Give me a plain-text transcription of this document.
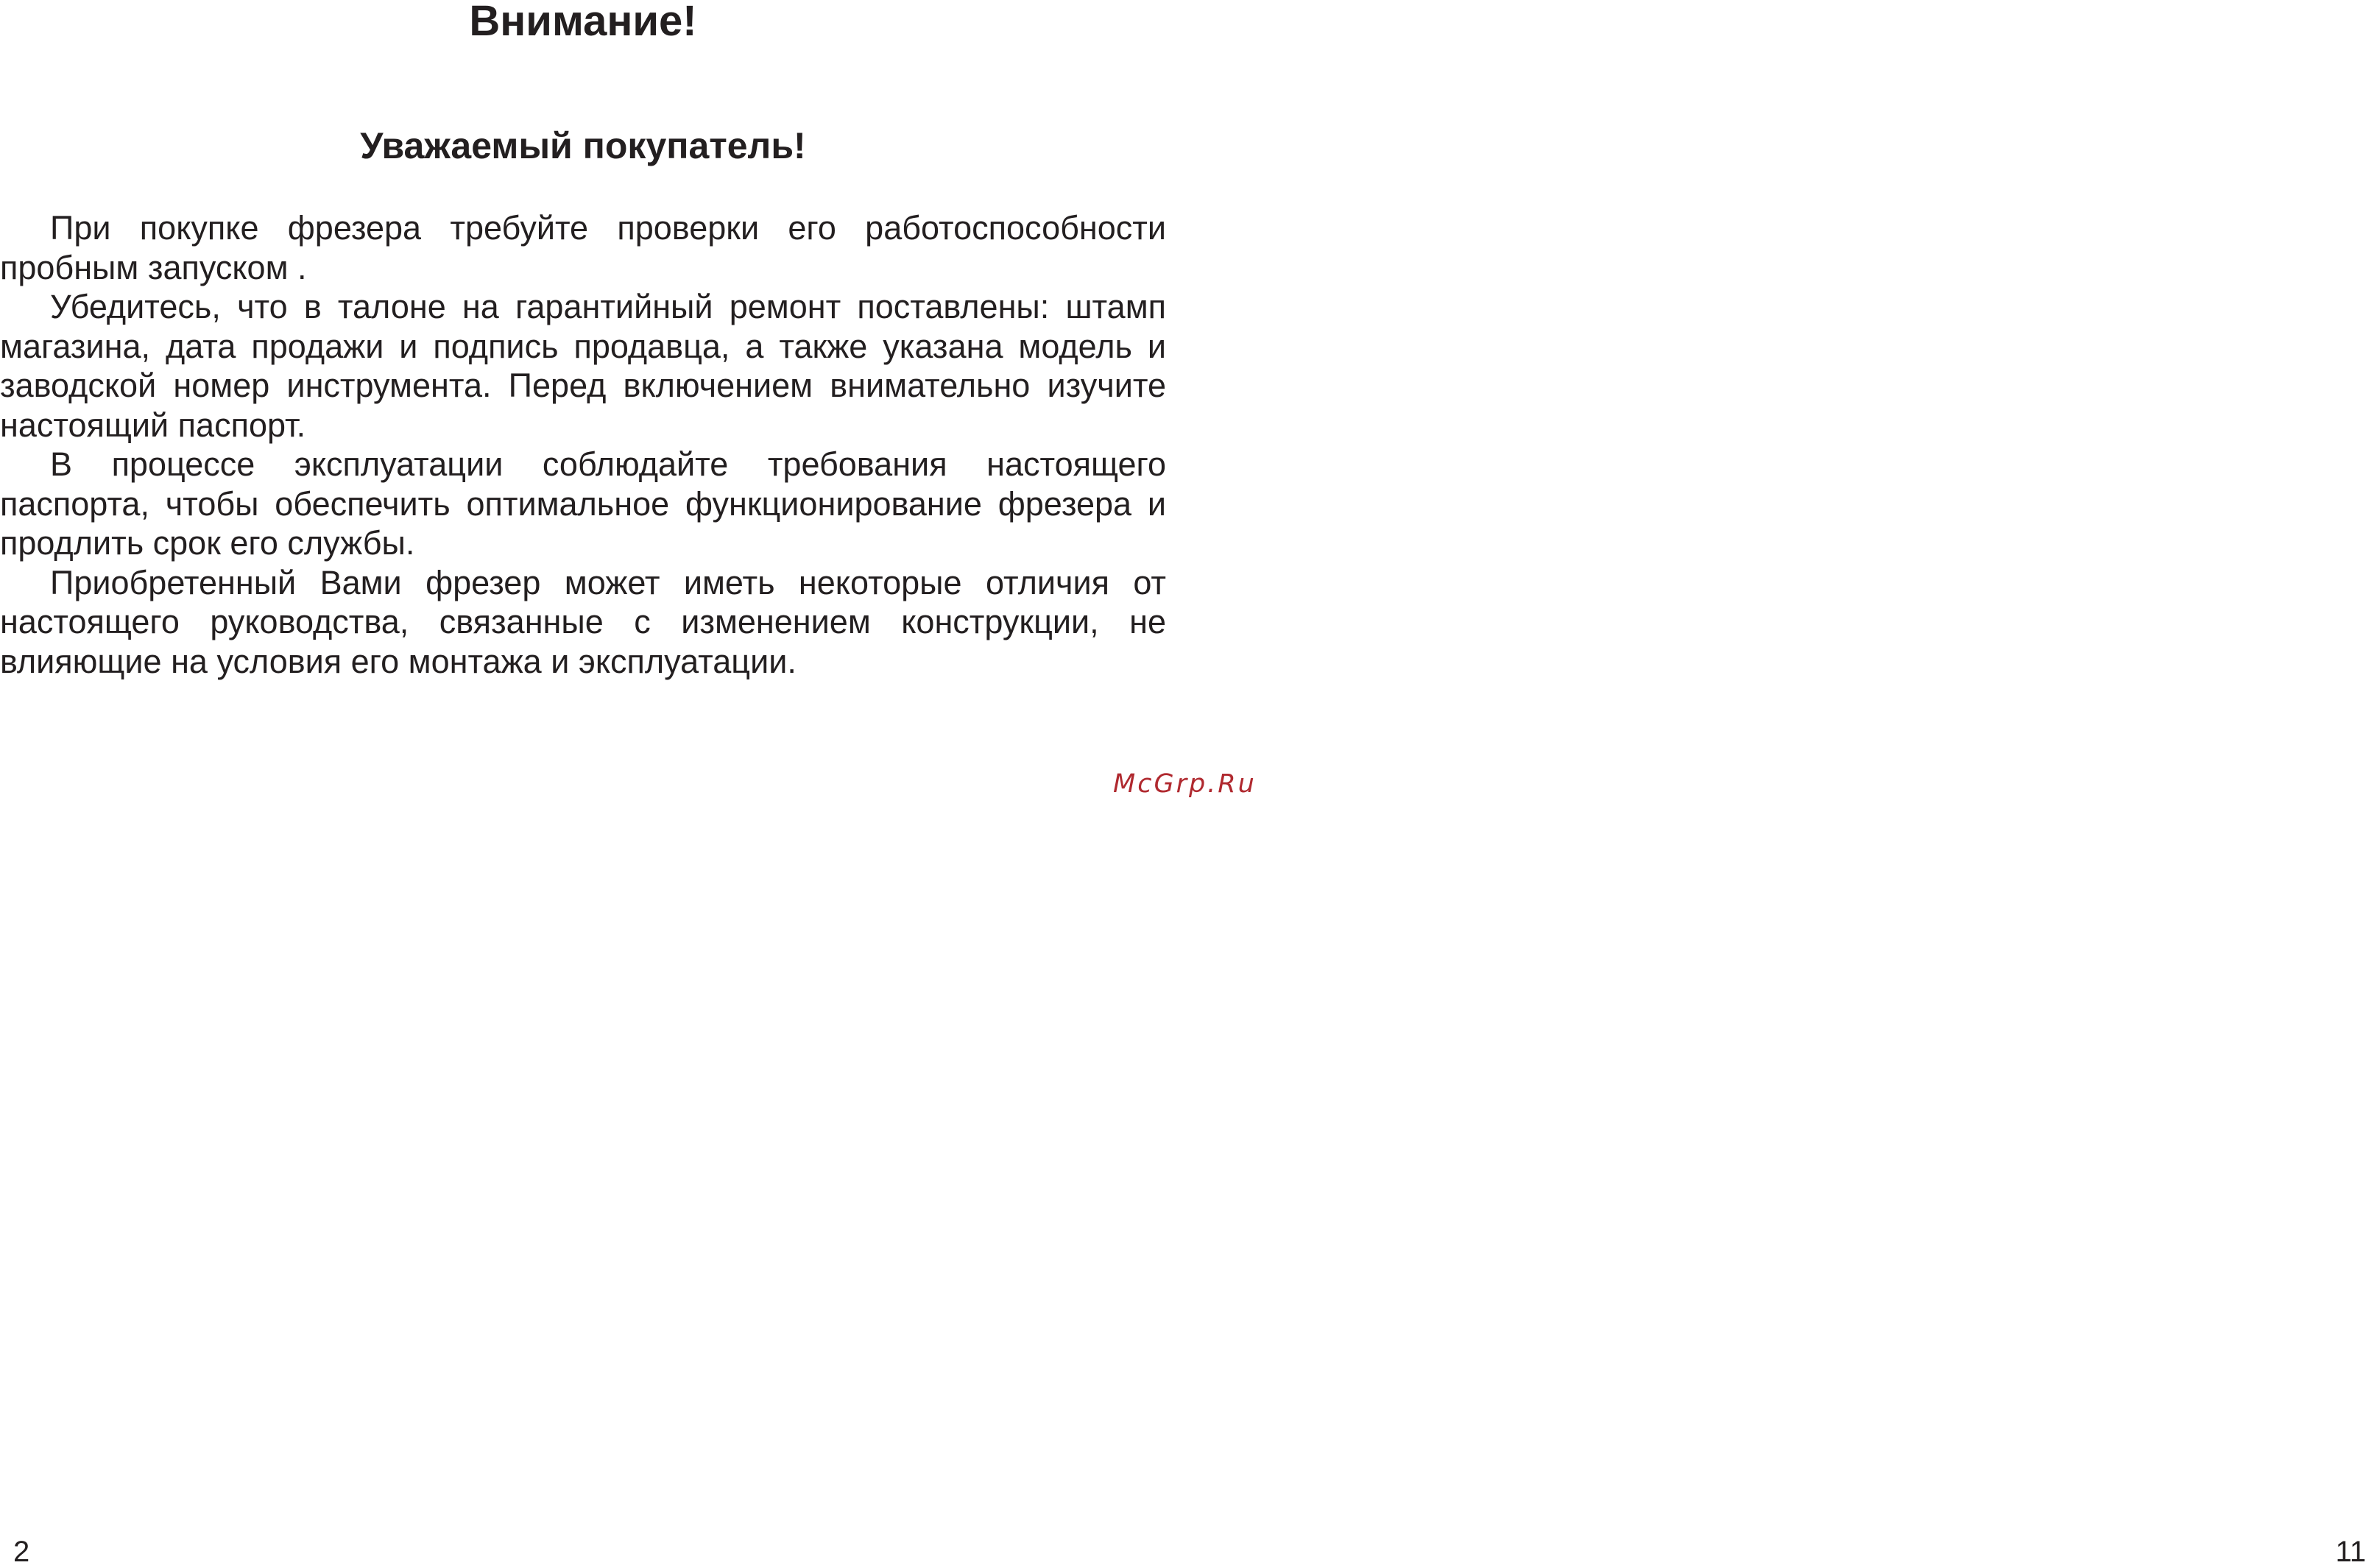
Внимание!
Уважаемый покупатель!

При покупке фрезера требуйте проверки его работоспособности пробным запуском .

Убедитесь, что в талоне на гарантийный ремонт поставлены: штамп магазина, дата продажи и подпись продавца, а также указана модель и заводской номер инструмента. Перед включением внимательно изучите настоящий паспорт.

В процессе эксплуатации соблюдайте требования настоящего паспорта, чтобы обеспечить оптимальное функционирование фрезера и продлить срок его службы.

Приобретенный Вами фрезер может иметь некоторые отличия от настоящего руководства, связанные с изменением конструкции, не влияющие на условия его монтажа и эксплуатации.

McGrp.Ru
2	11
